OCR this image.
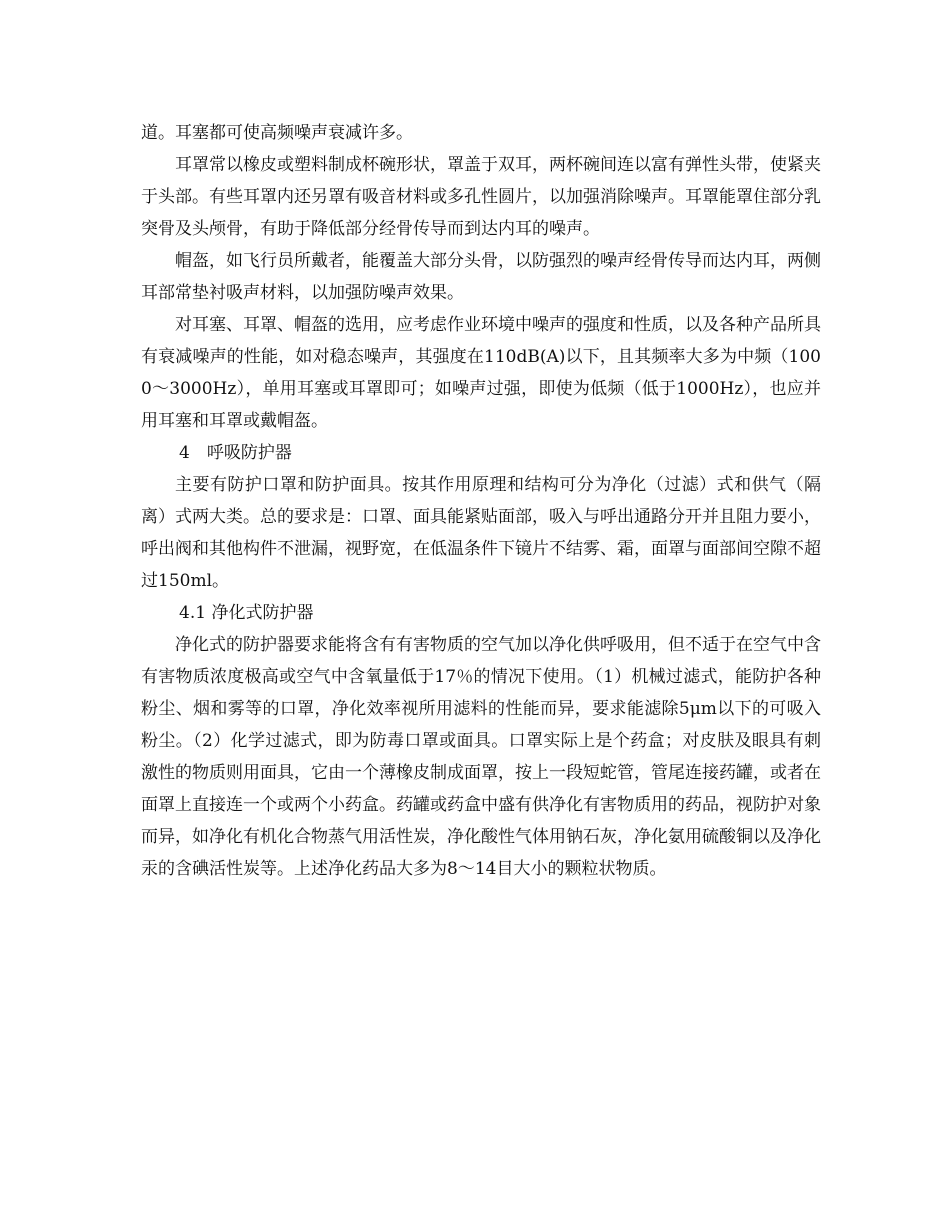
道。耳塞都可使高频噪声衰减许多。

耳罩常以橡皮或塑料制成杯碗形状，罩盖于双耳，两杯碗间连以富有弹性头带，使紧夹于头部。有些耳罩内还另罩有吸音材料或多孔性圆片，以加强消除噪声。耳罩能罩住部分乳突骨及头颅骨，有助于降低部分经骨传导而到达内耳的噪声。

帽盔，如飞行员所戴者，能覆盖大部分头骨，以防强烈的噪声经骨传导而达内耳，两侧耳部常垫衬吸声材料，以加强防噪声效果。

对耳塞、耳罩、帽盔的选用，应考虑作业环境中噪声的强度和性质，以及各种产品所具有衰减噪声的性能，如对稳态噪声，其强度在110dB(A)以下，且其频率大多为中频（1000～3000Hz），单用耳塞或耳罩即可；如噪声过强，即使为低频（低于1000Hz），也应并用耳塞和耳罩或戴帽盔。

4　呼吸防护器

主要有防护口罩和防护面具。按其作用原理和结构可分为净化（过滤）式和供气（隔离）式两大类。总的要求是：口罩、面具能紧贴面部，吸入与呼出通路分开并且阻力要小，呼出阀和其他构件不泄漏，视野宽，在低温条件下镜片不结雾、霜，面罩与面部间空隙不超过150ml。

4.1 净化式防护器

净化式的防护器要求能将含有有害物质的空气加以净化供呼吸用，但不适于在空气中含有害物质浓度极高或空气中含氧量低于17％的情况下使用。（1）机械过滤式，能防护各种粉尘、烟和雾等的口罩，净化效率视所用滤料的性能而异，要求能滤除5μm以下的可吸入粉尘。（2）化学过滤式，即为防毒口罩或面具。口罩实际上是个药盒；对皮肤及眼具有刺激性的物质则用面具，它由一个薄橡皮制成面罩，按上一段短蛇管，管尾连接药罐，或者在面罩上直接连一个或两个小药盒。药罐或药盒中盛有供净化有害物质用的药品，视防护对象而异，如净化有机化合物蒸气用活性炭，净化酸性气体用钠石灰，净化氨用硫酸铜以及净化汞的含碘活性炭等。上述净化药品大多为8～14目大小的颗粒状物质。
